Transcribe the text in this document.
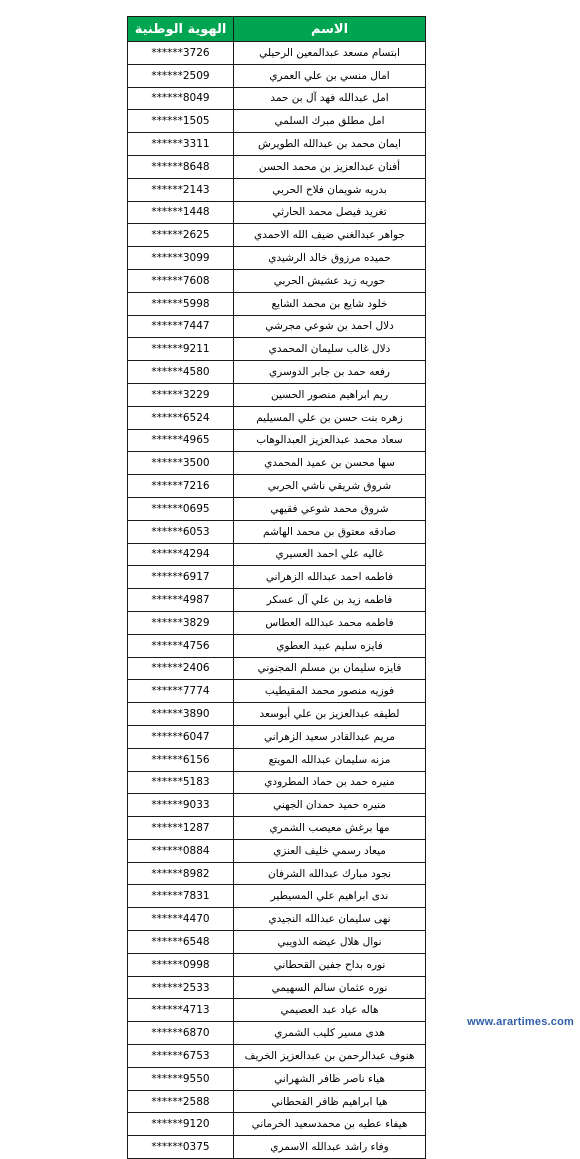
الهوية الوطنية	الاسم
******3726	ابتسام مسعد عبدالمعين الرحيلي
******2509	امال منسي بن علي العمري
******8049	امل عبدالله فهد آل بن حمد
******1505	امل مطلق مبرك السلمي
******3311	ايمان محمد بن عبدالله الطويرش
******8648	أفنان عبدالعزيز بن محمد الحسن
******2143	بدريه شويمان فلاح الحربي
******1448	تغريد فيصل محمد الحارثي
******2625	جواهر عبدالغني ضيف الله الاحمدي
******3099	حميده مرزوق خالد الرشيدي
******7608	حوريه زيد عشيش الحربي
******5998	خلود شايع بن محمد الشايع
******7447	دلال احمد بن شوعي مجرشي
******9211	دلال غالب سليمان المحمدي
******4580	رفعه حمد بن جابر الدوسري
******3229	ريم ابراهيم منصور الحسين
******6524	زهره بنت حسن بن علي المسيليم
******4965	سعاد محمد عبدالعزيز العبدالوهاب
******3500	سها محسن بن عميد المحمدي
******7216	شروق شريقي ناشي الحربي
******0695	شروق محمد شوعي فقيهي
******6053	صادقه معتوق بن محمد الهاشم
******4294	غاليه علي احمد العسيري
******6917	فاطمه احمد عبدالله الزهراني
******4987	فاطمه زيد بن علي آل عسكر
******3829	فاطمه محمد عبدالله العطاس
******4756	فايزه سليم عبيد العطوي
******2406	فايزه سليمان بن مسلم المجنوني
******7774	فوزيه منصور محمد المقيطيب
******3890	لطيفه عبدالعزيز بن علي أبوسعد
******6047	مريم عبدالقادر سعيد الزهراني
******6156	مزنه سليمان عبدالله المويتع
******5183	منيره حمد بن حماد المطرودي
******9033	منيره حميد حمدان الجهني
******1287	مها برغش معيصب الشمري
******0884	ميعاد رسمي خليف العنزي
******8982	نجود مبارك عبدالله الشرفان
******7831	ندى ابراهيم علي المسيطير
******4470	نهى سليمان عبدالله النجيدي
******6548	نوال هلال عيضه الذويبي
******0998	نوره بداح جفين القحطاني
******2533	نوره عثمان سالم السهيمي
******4713	هاله عياد عبد العصيمي
******6870	هدى مسير كليب الشمري
******6753	هنوف عبدالرحمن بن عبدالعزيز الخريف
******9550	هياء ناصر ظافر الشهراني
******2588	هيا ابراهيم ظافر القحطاني
******9120	هيفاء عطيه بن محمدسعيد الخرماني
******0375	وفاء راشد عبدالله الاسمري
www.arartimes.com
